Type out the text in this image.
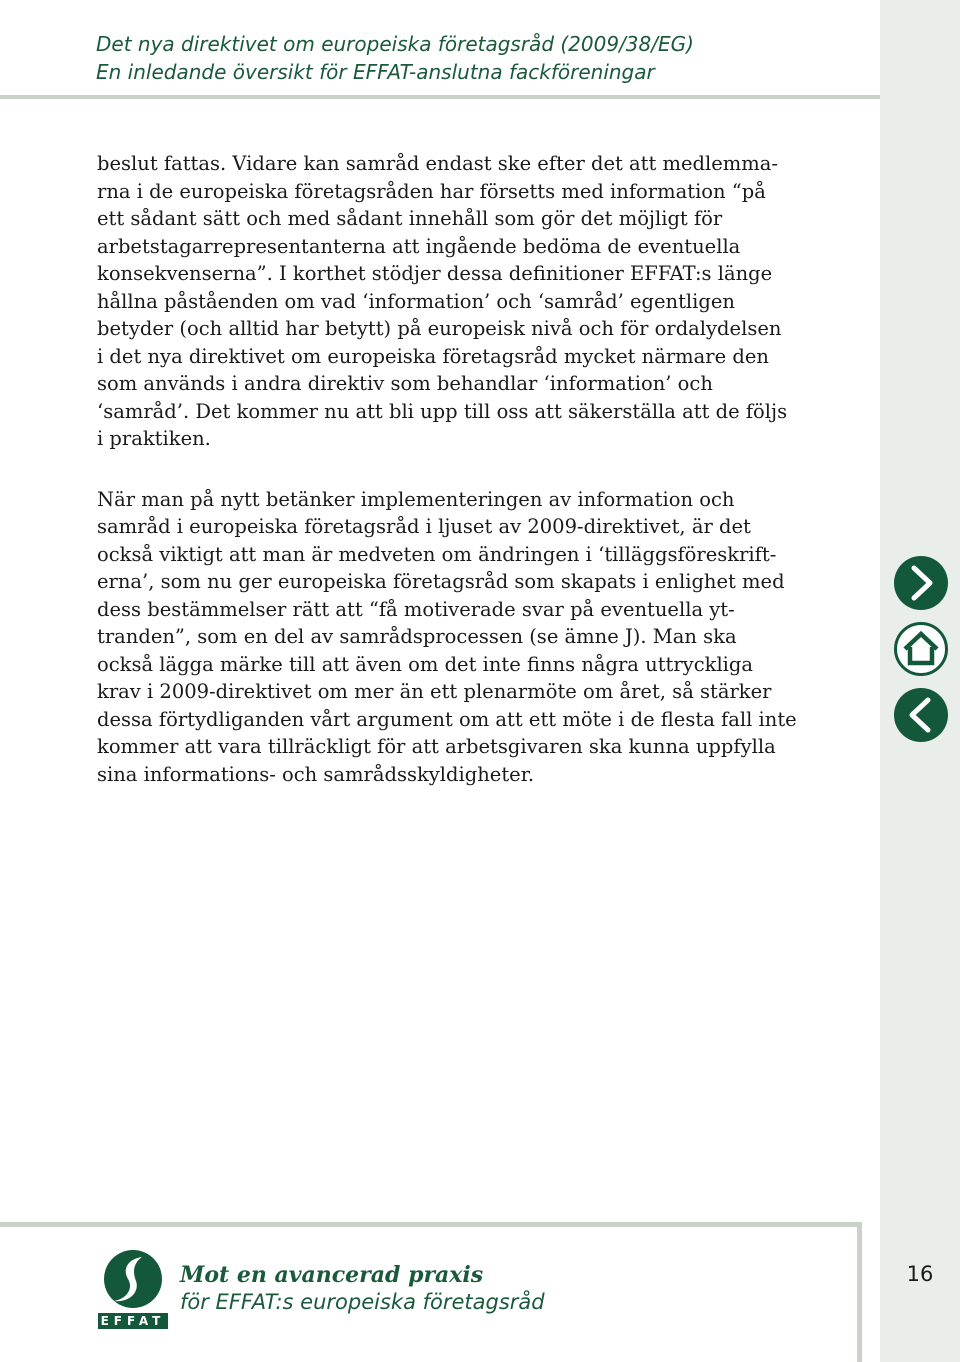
Det nya direktivet om europeiska företagsråd (2009/38/EG)
En inledande översikt för EFFAT-anslutna fackföreningar
beslut fattas. Vidare kan samråd endast ske efter det att medlemma-
rna i de europeiska företagsråden har försetts med information “på
ett sådant sätt och med sådant innehåll som gör det möjligt för
arbetstagarrepresentanterna att ingående bedöma de eventuella
konsekvenserna”. I korthet stödjer dessa definitioner EFFAT:s länge
hållna påståenden om vad ‘information’ och ‘samråd’ egentligen
betyder (och alltid har betytt) på europeisk nivå och för ordalydelsen
i det nya direktivet om europeiska företagsråd mycket närmare den
som används i andra direktiv som behandlar ‘information’ och
‘samråd’. Det kommer nu att bli upp till oss att säkerställa att de följs
i praktiken.
När man på nytt betänker implementeringen av information och
samråd i europeiska företagsråd i ljuset av 2009-direktivet, är det
också viktigt att man är medveten om ändringen i ‘tilläggsföreskrift-
erna’, som nu ger europeiska företagsråd som skapats i enlighet med
dess bestämmelser rätt att “få motiverade svar på eventuella yt-
tranden”, som en del av samrådsprocessen (se ämne J). Man ska
också lägga märke till att även om det inte finns några uttryckliga
krav i 2009-direktivet om mer än ett plenarmöte om året, så stärker
dessa förtydliganden vårt argument om att ett möte i de flesta fall inte
kommer att vara tillräckligt för att arbetsgivaren ska kunna uppfylla
sina informations- och samrådsskyldigheter.
EFFAT
Mot en avancerad praxis
för EFFAT:s europeiska företagsråd
16
